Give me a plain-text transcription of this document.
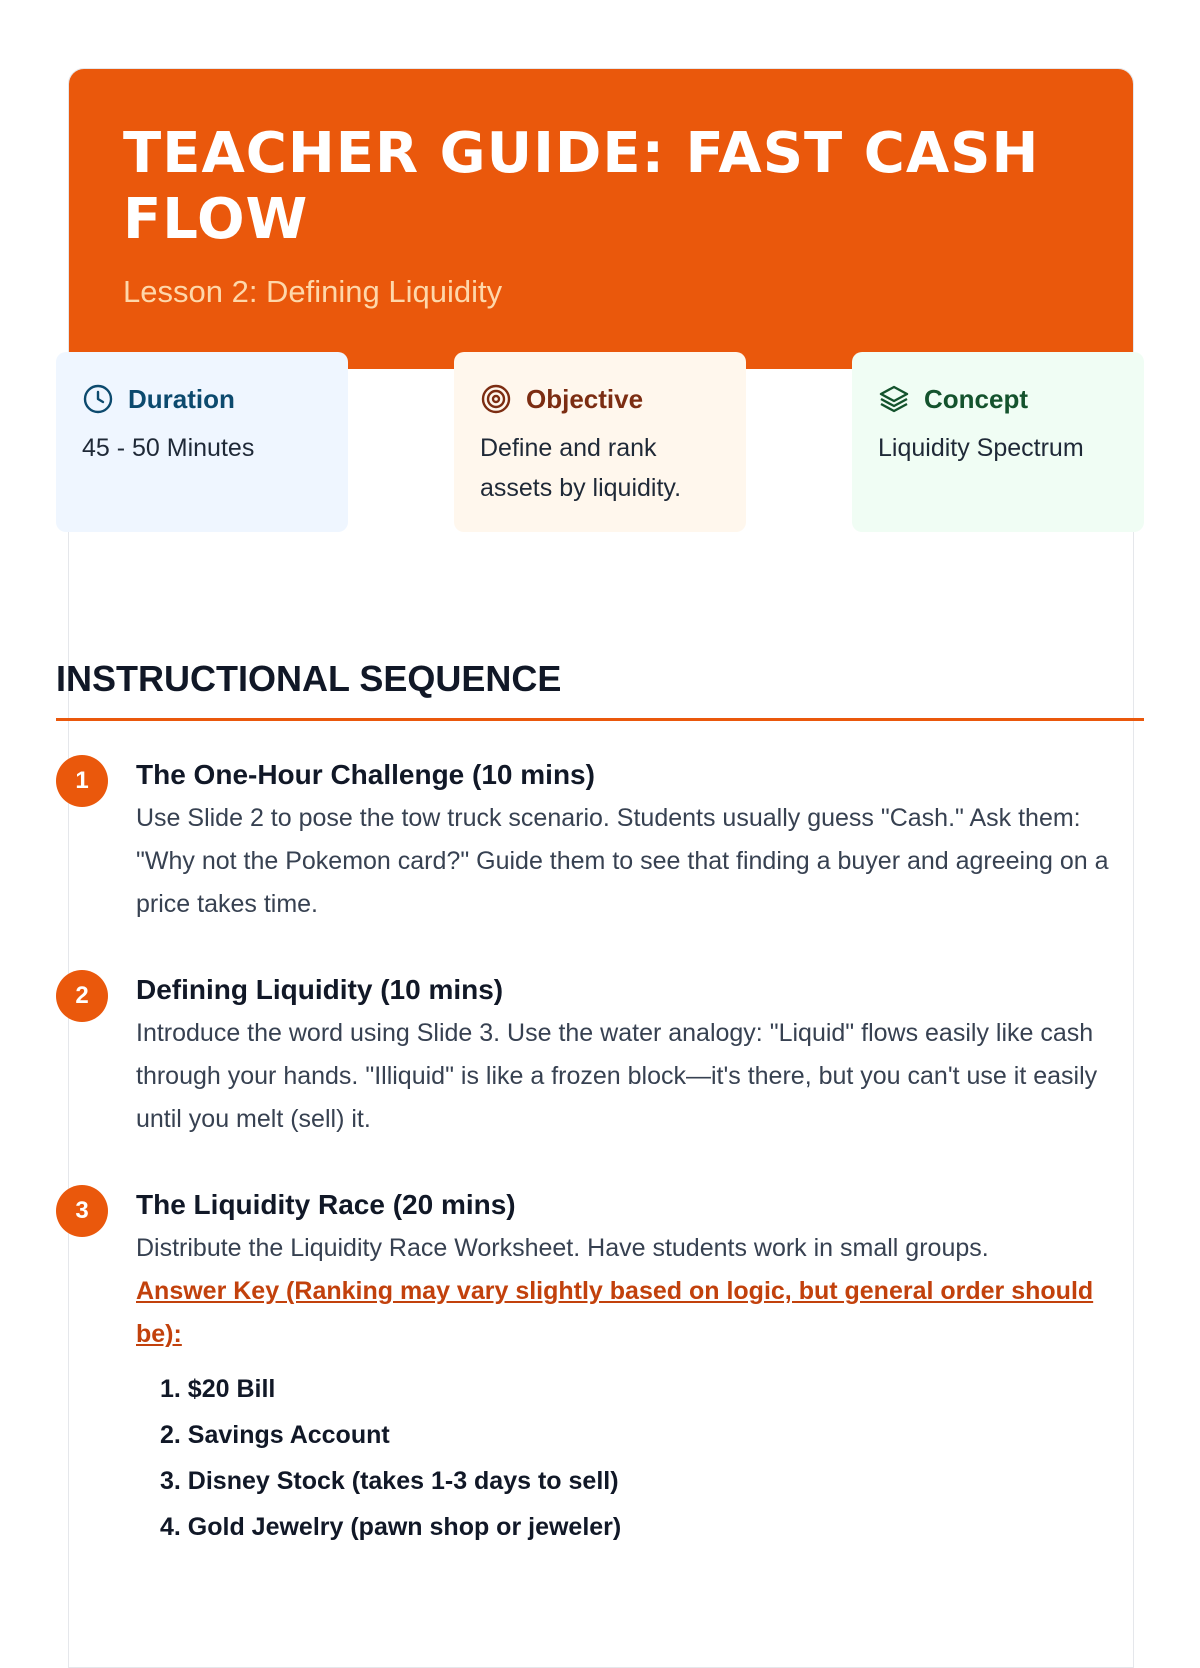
TEACHER GUIDE: FAST CASH FLOW
Lesson 2: Defining Liquidity
Duration
45 - 50 Minutes
Objective
Define and rank assets by liquidity.
Concept
Liquidity Spectrum
INSTRUCTIONAL SEQUENCE
1	The One-Hour Challenge (10 mins)
Use Slide 2 to pose the tow truck scenario. Students usually guess "Cash." Ask them: "Why not the Pokemon card?" Guide them to see that finding a buyer and agreeing on a price takes time.
2	Defining Liquidity (10 mins)
Introduce the word using Slide 3. Use the water analogy: "Liquid" flows easily like cash through your hands. "Illiquid" is like a frozen block—it's there, but you can't use it easily until you melt (sell) it.
3	The Liquidity Race (20 mins)
Distribute the Liquidity Race Worksheet. Have students work in small groups.
Answer Key (Ranking may vary slightly based on logic, but general order should be):
1. $20 Bill
2. Savings Account
3. Disney Stock (takes 1-3 days to sell)
4. Gold Jewelry (pawn shop or jeweler)
